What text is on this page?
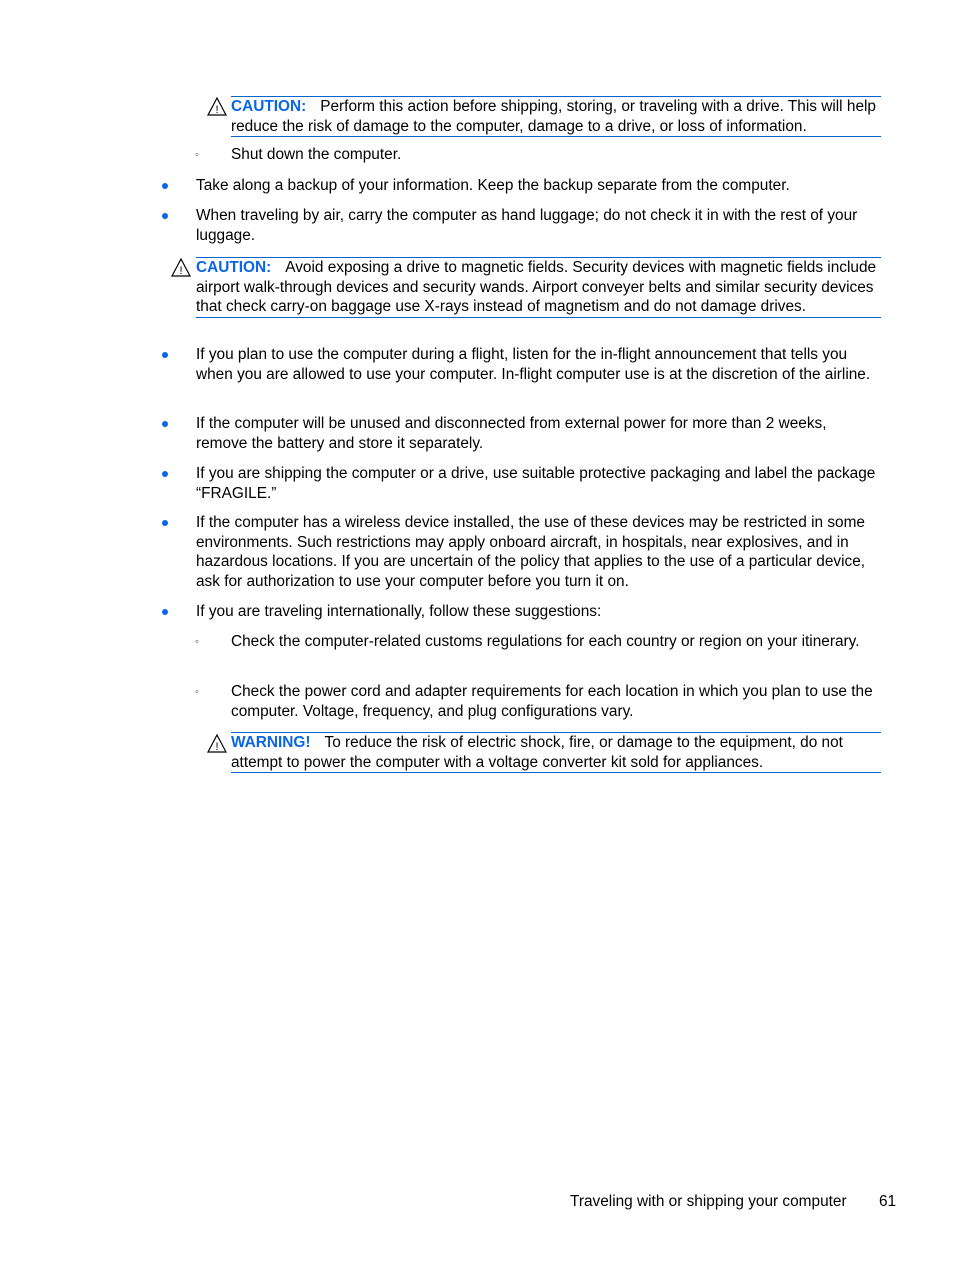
! CAUTION: Perform this action before shipping, storing, or traveling with a drive. This will help reduce the risk of damage to the computer, damage to a drive, or loss of information.
◦ Shut down the computer.
Take along a backup of your information. Keep the backup separate from the computer.
When traveling by air, carry the computer as hand luggage; do not check it in with the rest of your luggage.
! CAUTION: Avoid exposing a drive to magnetic fields. Security devices with magnetic fields include airport walk-through devices and security wands. Airport conveyer belts and similar security devices that check carry-on baggage use X-rays instead of magnetism and do not damage drives.
If you plan to use the computer during a flight, listen for the in-flight announcement that tells you when you are allowed to use your computer. In-flight computer use is at the discretion of the airline.
If the computer will be unused and disconnected from external power for more than 2 weeks, remove the battery and store it separately.
If you are shipping the computer or a drive, use suitable protective packaging and label the package “FRAGILE.”
If the computer has a wireless device installed, the use of these devices may be restricted in some environments. Such restrictions may apply onboard aircraft, in hospitals, near explosives, and in hazardous locations. If you are uncertain of the policy that applies to the use of a particular device, ask for authorization to use your computer before you turn it on.
If you are traveling internationally, follow these suggestions:
◦ Check the computer-related customs regulations for each country or region on your itinerary.
◦ Check the power cord and adapter requirements for each location in which you plan to use the computer. Voltage, frequency, and plug configurations vary.
! WARNING! To reduce the risk of electric shock, fire, or damage to the equipment, do not attempt to power the computer with a voltage converter kit sold for appliances.
Traveling with or shipping your computer 61
